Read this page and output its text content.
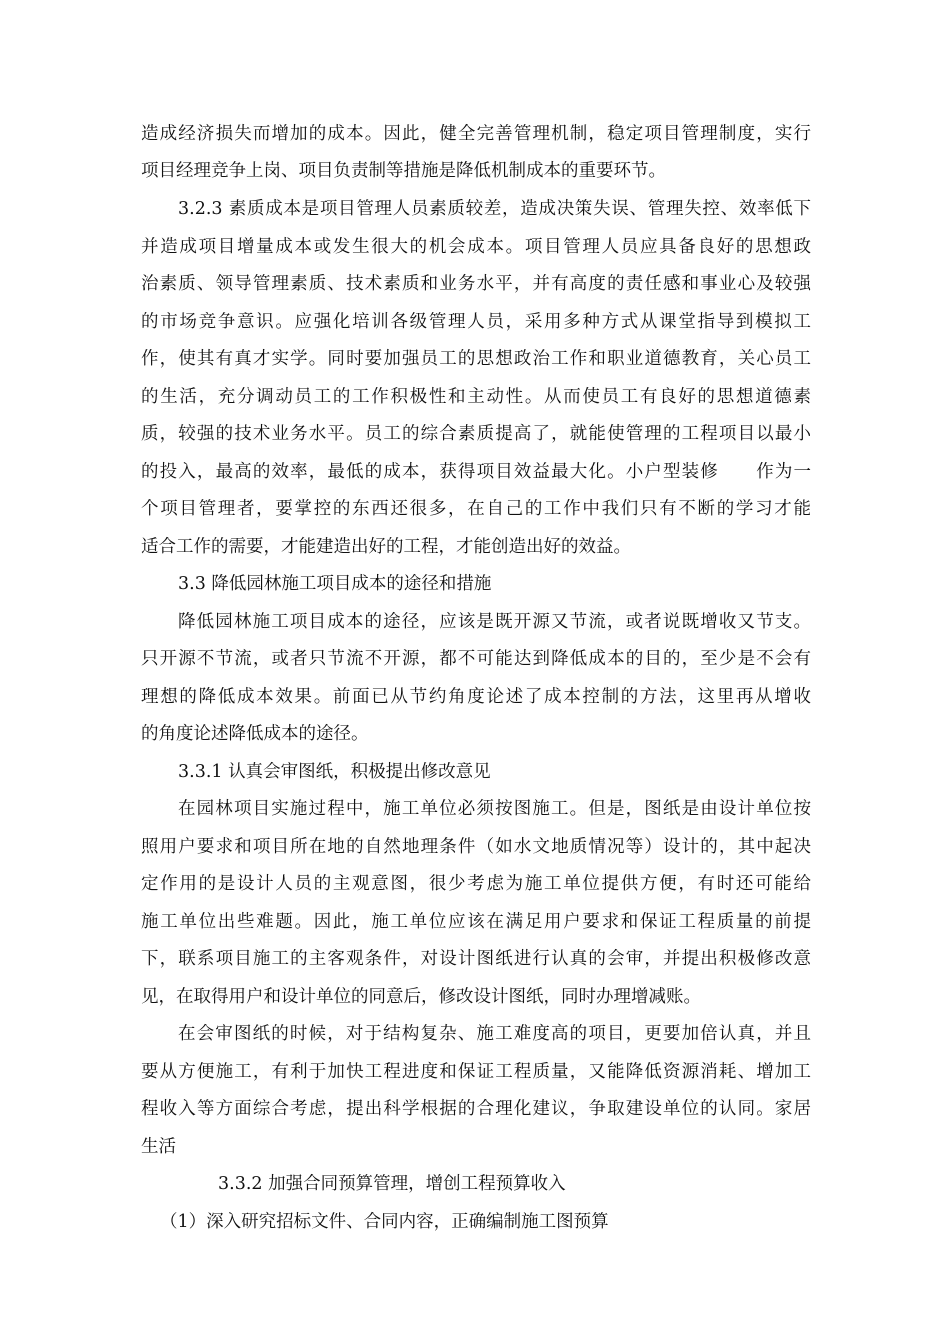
造成经济损失而增加的成本。因此，健全完善管理机制，稳定项目管理制度，实行
项目经理竞争上岗、项目负责制等措施是降低机制成本的重要环节。
3.2.3 素质成本是项目管理人员素质较差，造成决策失误、管理失控、效率低下
并造成项目增量成本或发生很大的机会成本。项目管理人员应具备良好的思想政
治素质、领导管理素质、技术素质和业务水平，并有高度的责任感和事业心及较强
的市场竞争意识。应强化培训各级管理人员，采用多种方式从课堂指导到模拟工
作，使其有真才实学。同时要加强员工的思想政治工作和职业道德教育，关心员工
的生活，充分调动员工的工作积极性和主动性。从而使员工有良好的思想道德素
质，较强的技术业务水平。员工的综合素质提高了，就能使管理的工程项目以最小
的投入，最高的效率，最低的成本，获得项目效益最大化。小户型装修　　作为一
个项目管理者，要掌控的东西还很多，在自己的工作中我们只有不断的学习才能
适合工作的需要，才能建造出好的工程，才能创造出好的效益。
3.3 降低园林施工项目成本的途径和措施
降低园林施工项目成本的途径，应该是既开源又节流，或者说既增收又节支。
只开源不节流，或者只节流不开源，都不可能达到降低成本的目的，至少是不会有
理想的降低成本效果。前面已从节约角度论述了成本控制的方法，这里再从增收
的角度论述降低成本的途径。
3.3.1 认真会审图纸，积极提出修改意见
在园林项目实施过程中，施工单位必须按图施工。但是，图纸是由设计单位按
照用户要求和项目所在地的自然地理条件（如水文地质情况等）设计的，其中起决
定作用的是设计人员的主观意图，很少考虑为施工单位提供方便，有时还可能给
施工单位出些难题。因此，施工单位应该在满足用户要求和保证工程质量的前提
下，联系项目施工的主客观条件，对设计图纸进行认真的会审，并提出积极修改意
见，在取得用户和设计单位的同意后，修改设计图纸，同时办理增减账。
在会审图纸的时候，对于结构复杂、施工难度高的项目，更要加倍认真，并且
要从方便施工，有利于加快工程进度和保证工程质量，又能降低资源消耗、增加工
程收入等方面综合考虑，提出科学根据的合理化建议，争取建设单位的认同。家居
生活
3.3.2 加强合同预算管理，增创工程预算收入
（1）深入研究招标文件、合同内容，正确编制施工图预算
